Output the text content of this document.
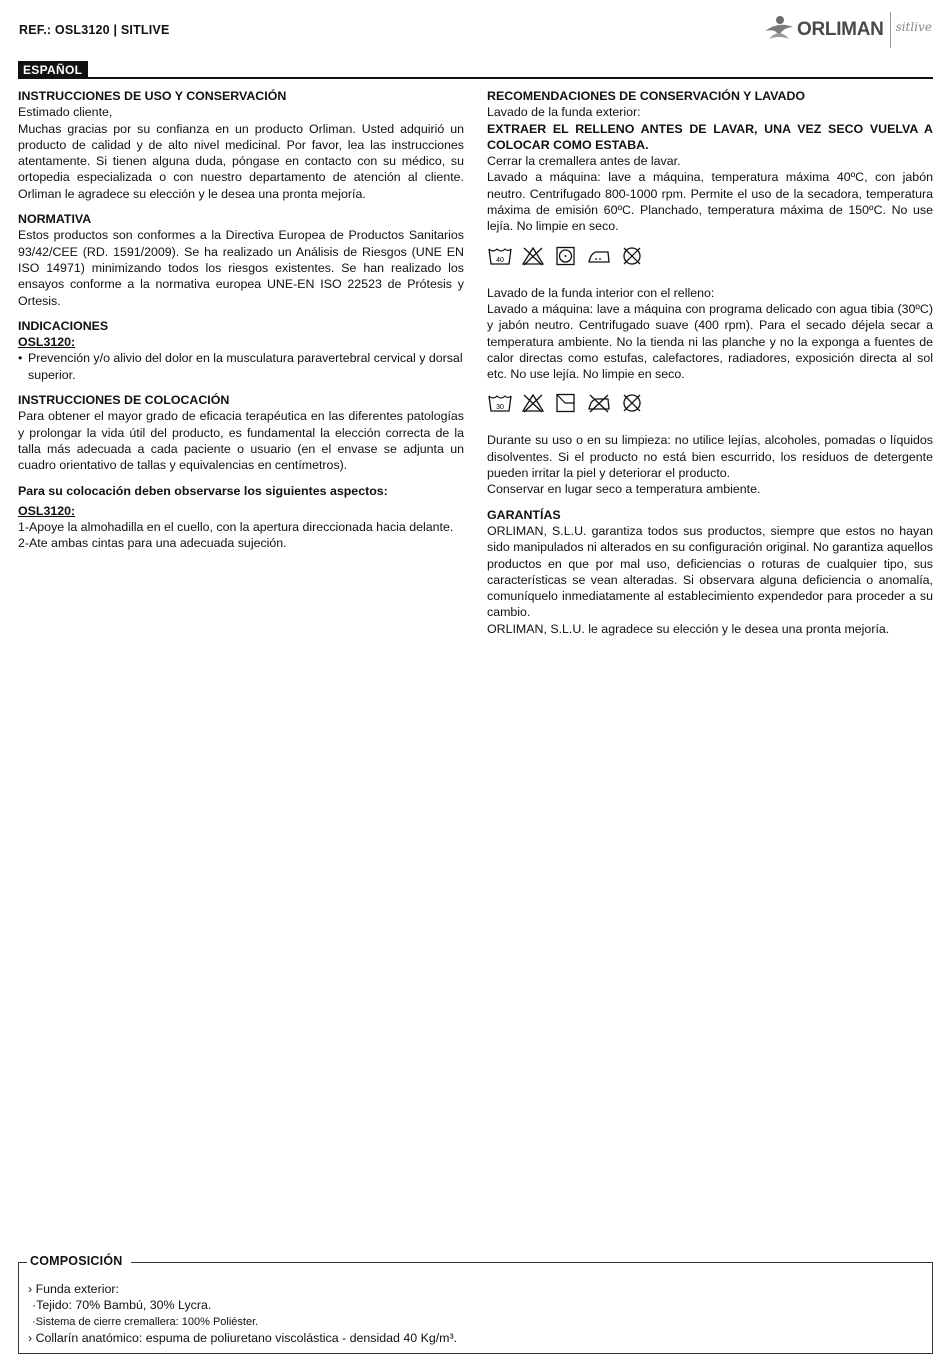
REF.: OSL3120 | SITLIVE	ORLIMAN sitlive
ESPAÑOL
INSTRUCCIONES DE USO Y CONSERVACIÓN

Estimado cliente,

Muchas gracias por su confianza en un producto Orliman. Usted adquirió un producto de calidad y de alto nivel medicinal. Por favor, lea las instrucciones atentamente. Si tienen alguna duda, póngase en contacto con su médico, su ortopedia especializada o con nuestro departamento de atención al cliente. Orliman le agradece su elección y le desea una pronta mejoría.

NORMATIVA

Estos productos son conformes a la Directiva Europea de Productos Sanitarios 93/42/CEE (RD. 1591/2009). Se ha realizado un Análisis de Riesgos (UNE EN ISO 14971) minimizando todos los riesgos existentes. Se han realizado los ensayos conforme a la normativa europea UNE-EN ISO 22523 de Prótesis y Ortesis.

INDICACIONES
OSL3120:
• Prevención y/o alivio del dolor en la musculatura paravertebral cervical y dorsal superior.
INSTRUCCIONES DE COLOCACIÓN

Para obtener el mayor grado de eficacia terapéutica en las diferentes patologías y prolongar la vida útil del producto, es fundamental la elección correcta de la talla más adecuada a cada paciente o usuario (en el envase se adjunta un cuadro orientativo de tallas y equivalencias en centímetros).

Para su colocación deben observarse los siguientes aspectos:
OSL3120:

1-Apoye la almohadilla en el cuello, con la apertura direccionada hacia delante.

2-Ate ambas cintas para una adecuada sujeción.

RECOMENDACIONES DE CONSERVACIÓN Y LAVADO

Lavado de la funda exterior:

EXTRAER EL RELLENO ANTES DE LAVAR, UNA VEZ SECO VUELVA A COLOCAR COMO ESTABA.

Cerrar la cremallera antes de lavar.

Lavado a máquina: lave a máquina, temperatura máxima 40ºC, con jabón neutro. Centrifugado 800-1000 rpm. Permite el uso de la secadora, temperatura máxima de emisión 60ºC. Planchado, temperatura máxima de 150ºC. No use lejía. No limpie en seco.

40

Lavado de la funda interior con el relleno:

Lavado a máquina: lave a máquina con programa delicado con agua tibia (30ºC) y jabón neutro. Centrifugado suave (400 rpm). Para el secado déjela secar a temperatura ambiente. No la tienda ni las planche y no la exponga a fuentes de calor directas como estufas, calefactores, radiadores, exposición directa al sol etc. No use lejía. No limpie en seco.

30

Durante su uso o en su limpieza: no utilice lejías, alcoholes, pomadas o líquidos disolventes. Si el producto no está bien escurrido, los residuos de detergente pueden irritar la piel y deteriorar el producto.

Conservar en lugar seco a temperatura ambiente.

GARANTÍAS

ORLIMAN, S.L.U. garantiza todos sus productos, siempre que estos no hayan sido manipulados ni alterados en su configuración original. No garantiza aquellos productos en que por mal uso, deficiencias o roturas de cualquier tipo, sus características se vean alteradas. Si observara alguna deficiencia o anomalía, comuníquelo inmediatamente al establecimiento expendedor para proceder a su cambio.

ORLIMAN, S.L.U. le agradece su elección y le desea una pronta mejoría.

COMPOSICIÓN
› Funda exterior:
·Tejido: 70% Bambú, 30% Lycra.
·Sistema de cierre cremallera: 100% Poliéster.
› Collarín anatómico: espuma de poliuretano viscolástica - densidad 40 Kg/m³.
